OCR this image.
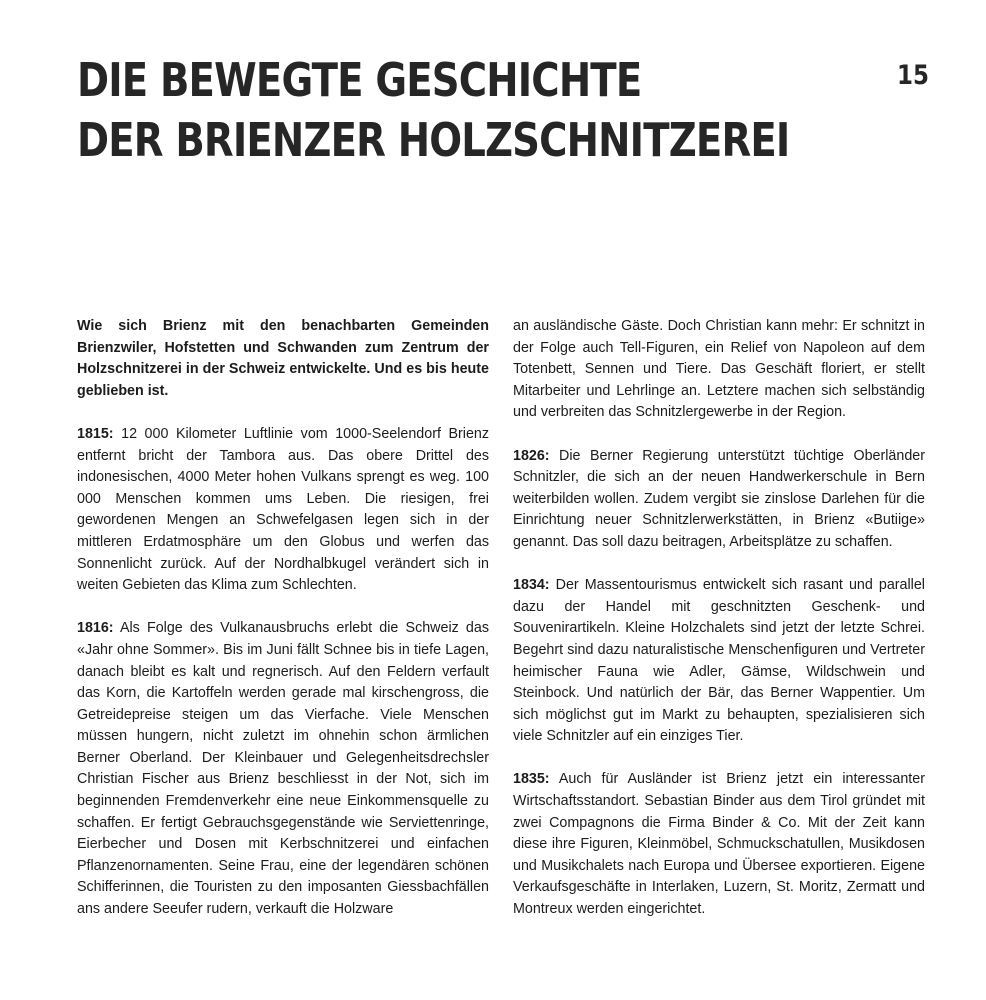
DIE BEWEGTE GESCHICHTE
DER BRIENZER HOLZSCHNITZEREI
15

Wie sich Brienz mit den benachbarten Gemeinden Brienzwiler, Hofstetten und Schwanden zum Zentrum der Holzschnitzerei in der Schweiz entwickelte. Und es bis heute geblieben ist.

1815: 12 000 Kilometer Luftlinie vom 1000-Seelendorf Brienz entfernt bricht der Tambora aus. Das obere Drittel des indonesischen, 4000 Meter hohen Vulkans sprengt es weg. 100 000 Menschen kommen ums Leben. Die riesigen, frei gewordenen Mengen an Schwefelgasen legen sich in der mittleren Erdatmosphäre um den Globus und werfen das Sonnenlicht zurück. Auf der Nordhalbkugel verändert sich in weiten Gebieten das Klima zum Schlechten.

1816: Als Folge des Vulkanausbruchs erlebt die Schweiz das «Jahr ohne Sommer». Bis im Juni fällt Schnee bis in tiefe Lagen, danach bleibt es kalt und regnerisch. Auf den Feldern verfault das Korn, die Kartoffeln werden gerade mal kirschengross, die Getreidepreise steigen um das Vierfache. Viele Menschen müssen hungern, nicht zuletzt im ohnehin schon ärmlichen Berner Oberland. Der Kleinbauer und Gelegenheitsdrechsler Christian Fischer aus Brienz beschliesst in der Not, sich im beginnenden Fremdenverkehr eine neue Einkommensquelle zu schaffen. Er fertigt Gebrauchsgegenstände wie Serviettenringe, Eierbecher und Dosen mit Kerbschnitzerei und einfachen Pflanzenornamenten. Seine Frau, eine der legendären schönen Schifferinnen, die Touristen zu den imposanten Giessbachfällen ans andere Seeufer rudern, verkauft die Holzware

an ausländische Gäste. Doch Christian kann mehr: Er schnitzt in der Folge auch Tell-Figuren, ein Relief von Napoleon auf dem Totenbett, Sennen und Tiere. Das Geschäft floriert, er stellt Mitarbeiter und Lehrlinge an. Letztere machen sich selbständig und verbreiten das Schnitzlergewerbe in der Region.

1826: Die Berner Regierung unterstützt tüchtige Oberländer Schnitzler, die sich an der neuen Handwerkerschule in Bern weiterbilden wollen. Zudem vergibt sie zinslose Darlehen für die Einrichtung neuer Schnitzlerwerkstätten, in Brienz «Butiige» genannt. Das soll dazu beitragen, Arbeitsplätze zu schaffen.

1834: Der Massentourismus entwickelt sich rasant und parallel dazu der Handel mit geschnitzten Geschenk- und Souvenirartikeln. Kleine Holzchalets sind jetzt der letzte Schrei. Begehrt sind dazu naturalistische Menschenfiguren und Vertreter heimischer Fauna wie Adler, Gämse, Wildschwein und Steinbock. Und natürlich der Bär, das Berner Wappentier. Um sich möglichst gut im Markt zu behaupten, spezialisieren sich viele Schnitzler auf ein einziges Tier.

1835: Auch für Ausländer ist Brienz jetzt ein interessanter Wirtschaftsstandort. Sebastian Binder aus dem Tirol gründet mit zwei Compagnons die Firma Binder & Co. Mit der Zeit kann diese ihre Figuren, Kleinmöbel, Schmuckschatullen, Musikdosen und Musikchalets nach Europa und Übersee exportieren. Eigene Verkaufsgeschäfte in Interlaken, Luzern, St. Moritz, Zermatt und Montreux werden eingerichtet.
